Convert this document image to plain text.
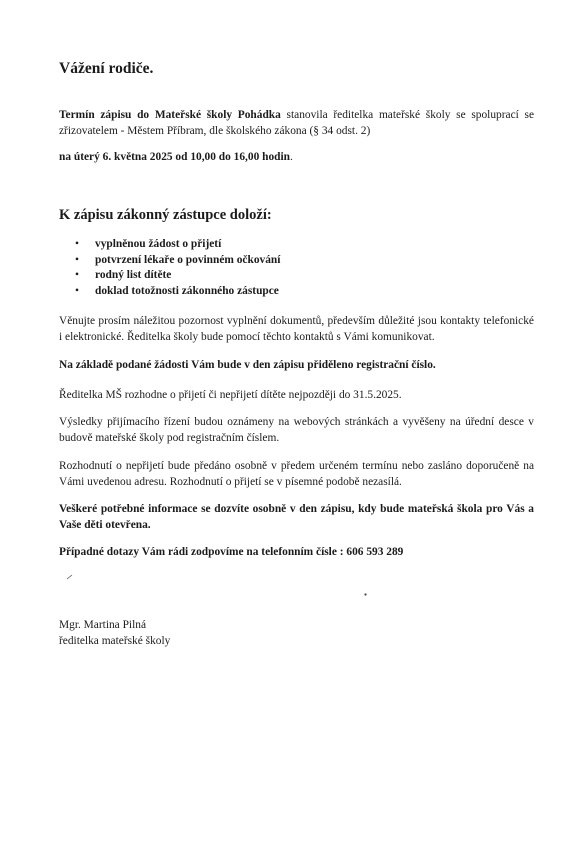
Vážení rodiče.
Termín zápisu do Mateřské školy Pohádka stanovila ředitelka mateřské školy se spoluprací se zřizovatelem - Městem Příbram, dle školského zákona (§ 34 odst. 2)
na úterý 6. května 2025 od 10,00 do 16,00 hodin.
K zápisu zákonný zástupce doloží:
• vyplněnou žádost o přijetí
• potvrzení lékaře o povinném očkování
• rodný list dítěte
• doklad totožnosti zákonného zástupce
Věnujte prosím náležitou pozornost vyplnění dokumentů, především důležité jsou kontakty telefonické i elektronické. Ředitelka školy bude pomocí těchto kontaktů s Vámi komunikovat.
Na základě podané žádosti Vám bude v den zápisu přiděleno registrační číslo.
Ředitelka MŠ rozhodne o přijetí či nepřijetí dítěte nejpozději do 31.5.2025.
Výsledky přijímacího řízení budou oznámeny na webových stránkách a vyvěšeny na úřední desce v budově mateřské školy pod registračním číslem.
Rozhodnutí o nepřijetí bude předáno osobně v předem určeném termínu nebo zasláno doporučeně na Vámi uvedenou adresu. Rozhodnutí o přijetí se v písemné podobě nezasílá.
Veškeré potřebné informace se dozvíte osobně v den zápisu, kdy bude mateřská škola pro Vás a Vaše děti otevřena.
Případné dotazy Vám rádi zodpovíme na telefonním čísle : 606 593 289
Mgr. Martina Pilná
ředitelka mateřské školy
